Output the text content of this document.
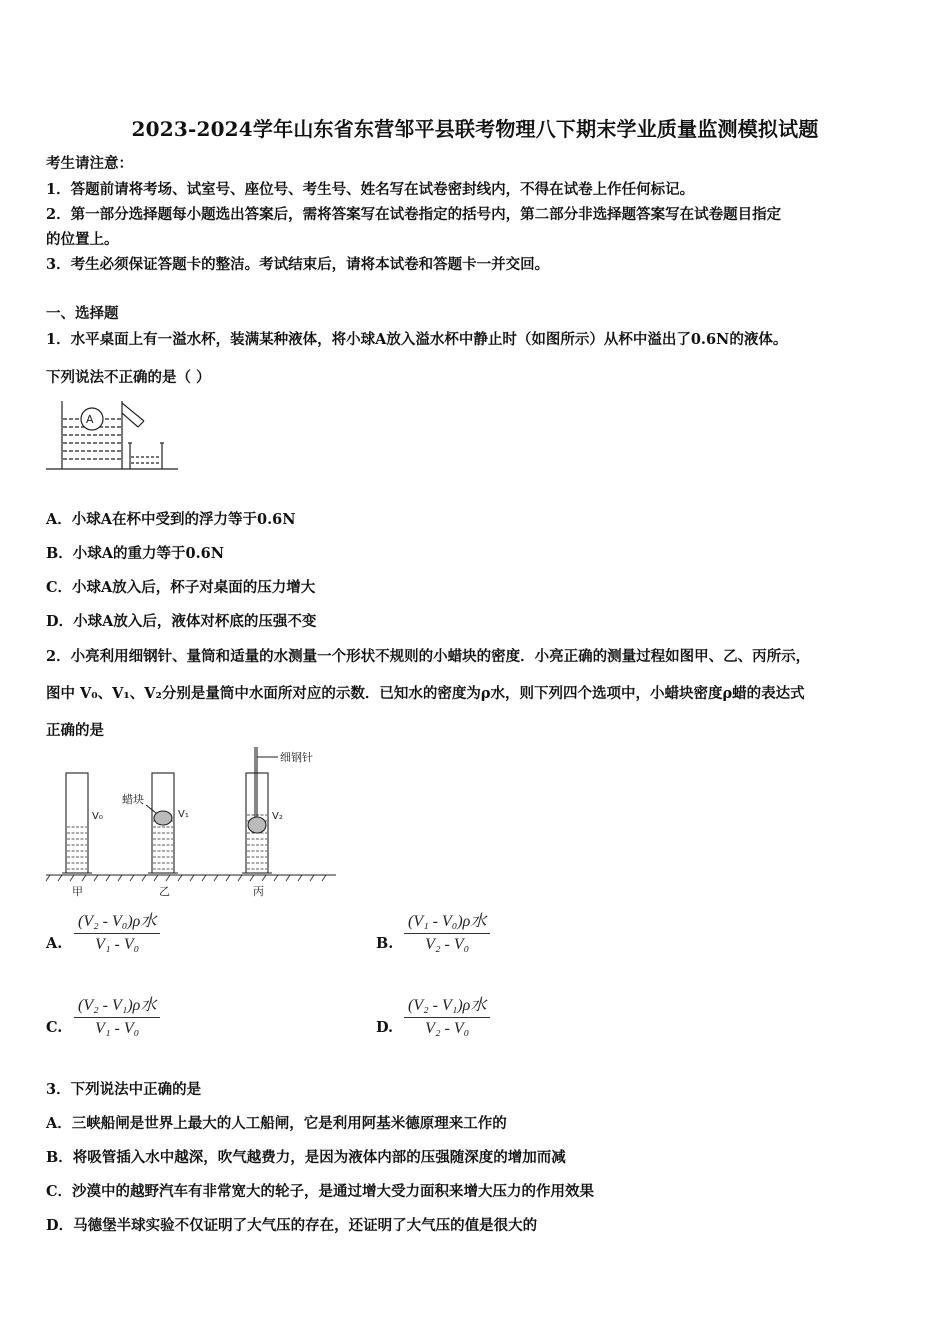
2023-2024学年山东省东营邹平县联考物理八下期末学业质量监测模拟试题
考生请注意：
1．答题前请将考场、试室号、座位号、考生号、姓名写在试卷密封线内，不得在试卷上作任何标记。
2．第一部分选择题每小题选出答案后，需将答案写在试卷指定的括号内，第二部分非选择题答案写在试卷题目指定
的位置上。
3．考生必须保证答题卡的整洁。考试结束后，请将本试卷和答题卡一并交回。
一、选择题
1．水平桌面上有一溢水杯，装满某种液体，将小球A放入溢水杯中静止时（如图所示）从杯中溢出了0.6N的液体。
下列说法不正确的是（ ）
A
A．小球A在杯中受到的浮力等于0.6N
B．小球A的重力等于0.6N
C．小球A放入后，杯子对桌面的压力增大
D．小球A放入后，液体对杯底的压强不变
2．小亮利用细钢针、量筒和适量的水测量一个形状不规则的小蜡块的密度．小亮正确的测量过程如图甲、乙、丙所示，
图中 V₀、V₁、V₂分别是量筒中水面所对应的示数．已知水的密度为ρ水，则下列四个选项中，小蜡块密度ρ蜡的表达式
正确的是
V₀	V₁	V₂
蜡块
细钢针
甲	乙	丙
A.
(V₂ - V₀)ρ水
V₁ - V₀	B.
(V₁ - V₀)ρ水
V₂ - V₀
C.
(V₂ - V₁)ρ水
V₁ - V₀	D.
(V₂ - V₁)ρ水
V₂ - V₀
3．下列说法中正确的是
A．三峡船闸是世界上最大的人工船闸，它是利用阿基米德原理来工作的
B．将吸管插入水中越深，吹气越费力，是因为液体内部的压强随深度的增加而减
C．沙漠中的越野汽车有非常宽大的轮子，是通过增大受力面积来增大压力的作用效果
D．马德堡半球实验不仅证明了大气压的存在，还证明了大气压的值是很大的
